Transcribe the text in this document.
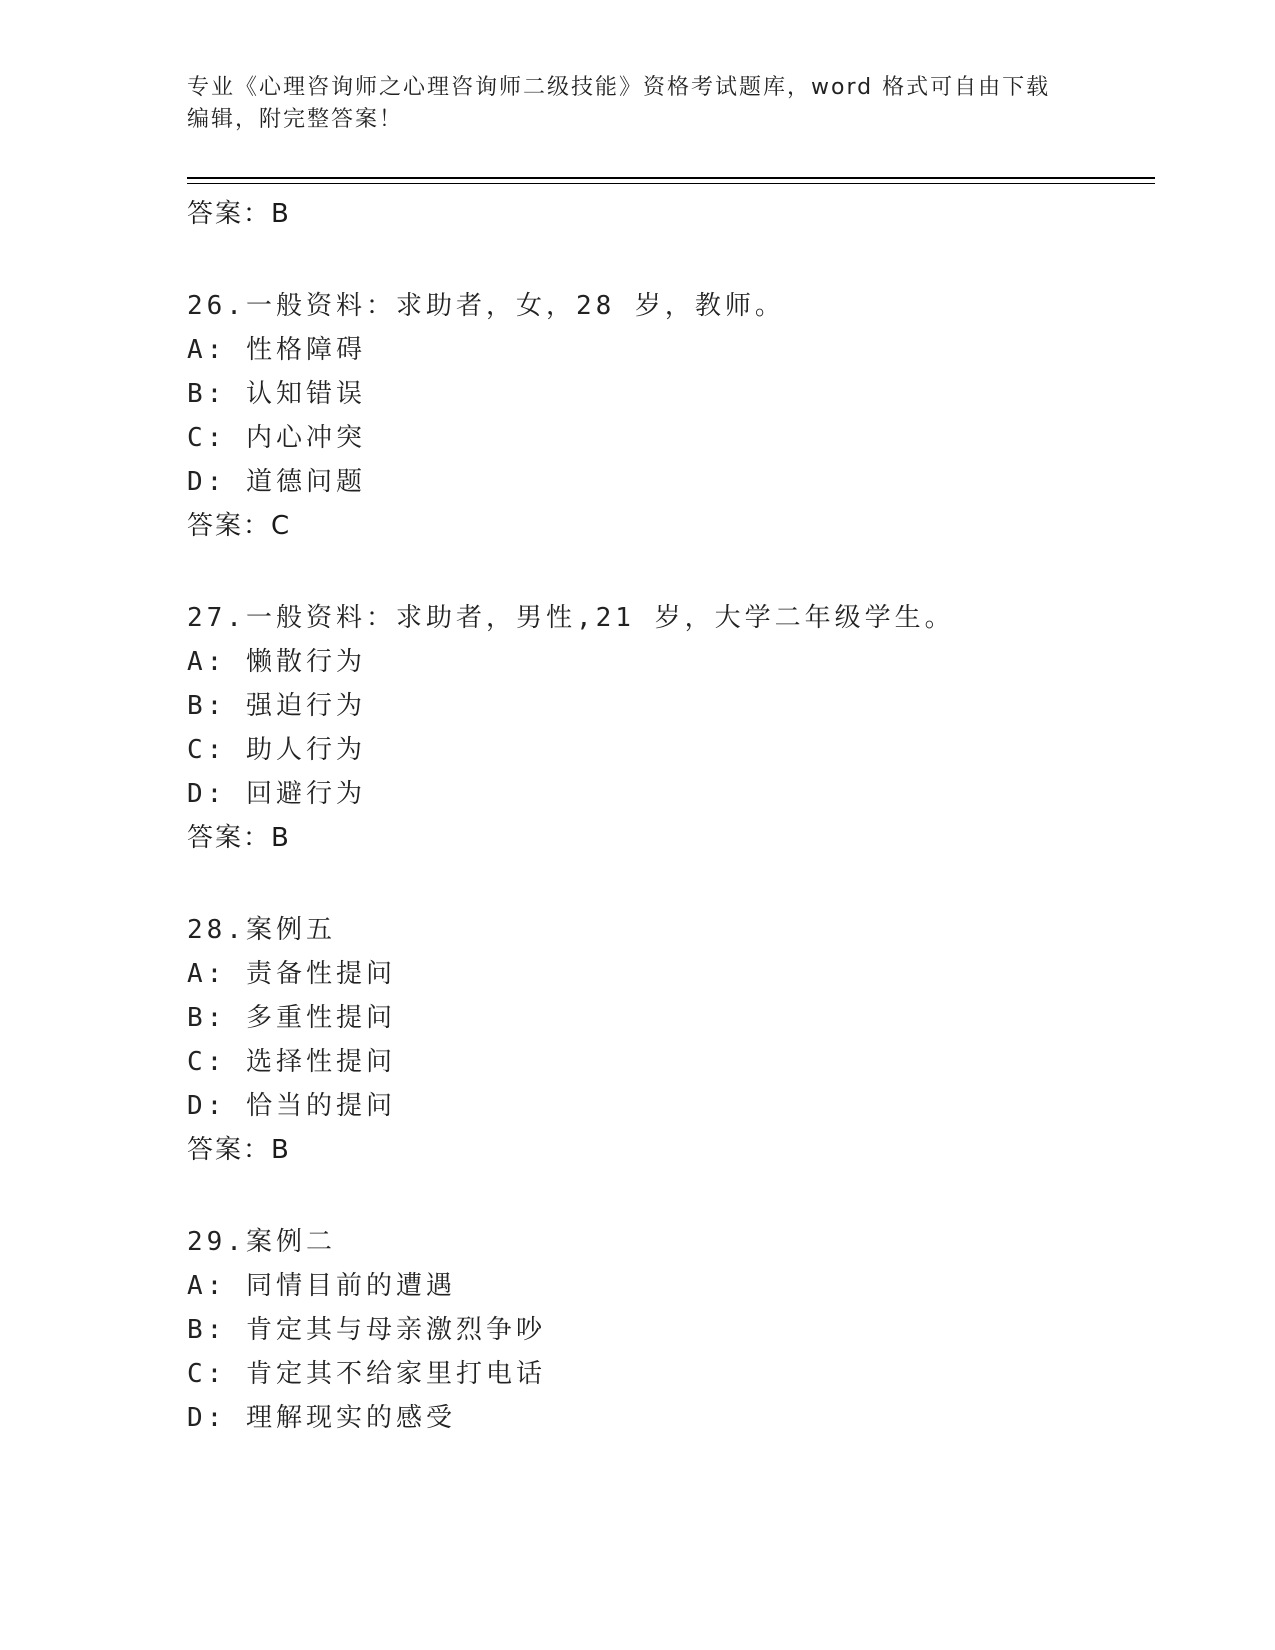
专业《心理咨询师之心理咨询师二级技能》资格考试题库，word 格式可自由下载
编辑，附完整答案！
答案：B
26.一般资料：求助者，女，28 岁，教师。
A: 性格障碍
B: 认知错误
C: 内心冲突
D: 道德问题
答案：C
27.一般资料：求助者，男性,21 岁，大学二年级学生。
A: 懒散行为
B: 强迫行为
C: 助人行为
D: 回避行为
答案：B
28.案例五
A: 责备性提问
B: 多重性提问
C: 选择性提问
D: 恰当的提问
答案：B
29.案例二
A: 同情目前的遭遇
B: 肯定其与母亲激烈争吵
C: 肯定其不给家里打电话
D: 理解现实的感受
